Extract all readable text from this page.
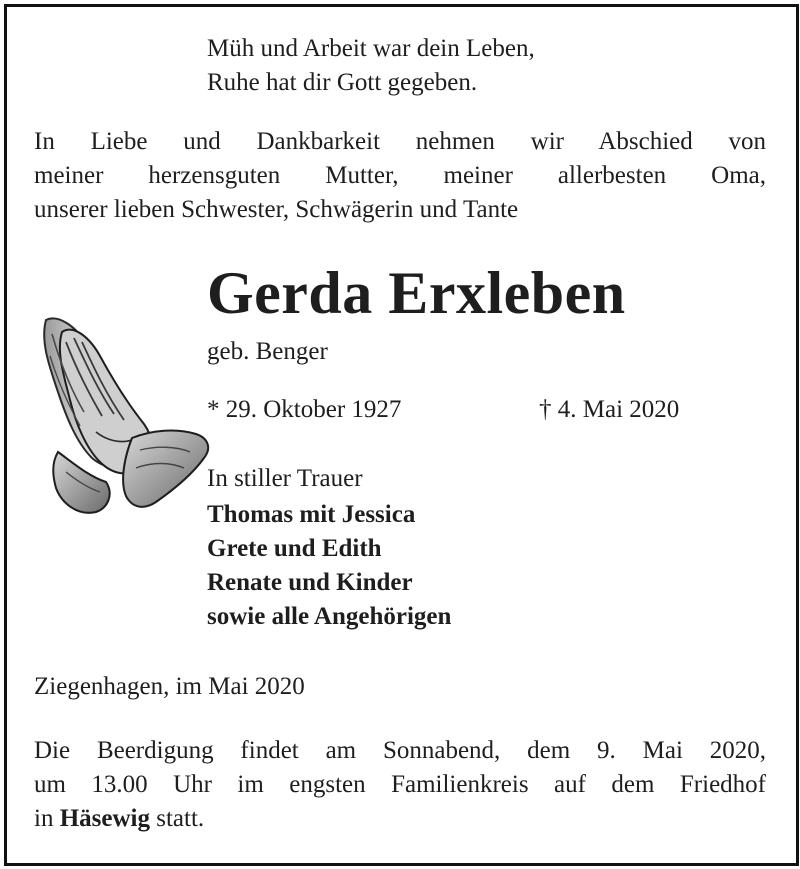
Müh und Arbeit war dein Leben,

Ruhe hat dir Gott gegeben.

In Liebe und Dankbarkeit nehmen wir Abschied von
meiner herzensguten Mutter, meiner allerbesten Oma,
unserer lieben Schwester, Schwägerin und Tante
Gerda Erxleben

geb. Benger

* 29. Oktober 1927	† 4. Mai 2020

In stiller Trauer

Thomas mit Jessica

Grete und Edith

Renate und Kinder

sowie alle Angehörigen

Ziegenhagen, im Mai 2020

Die Beerdigung findet am Sonnabend, dem 9. Mai 2020,
um 13.00 Uhr im engsten Familienkreis auf dem Friedhof
in Häsewig statt.
